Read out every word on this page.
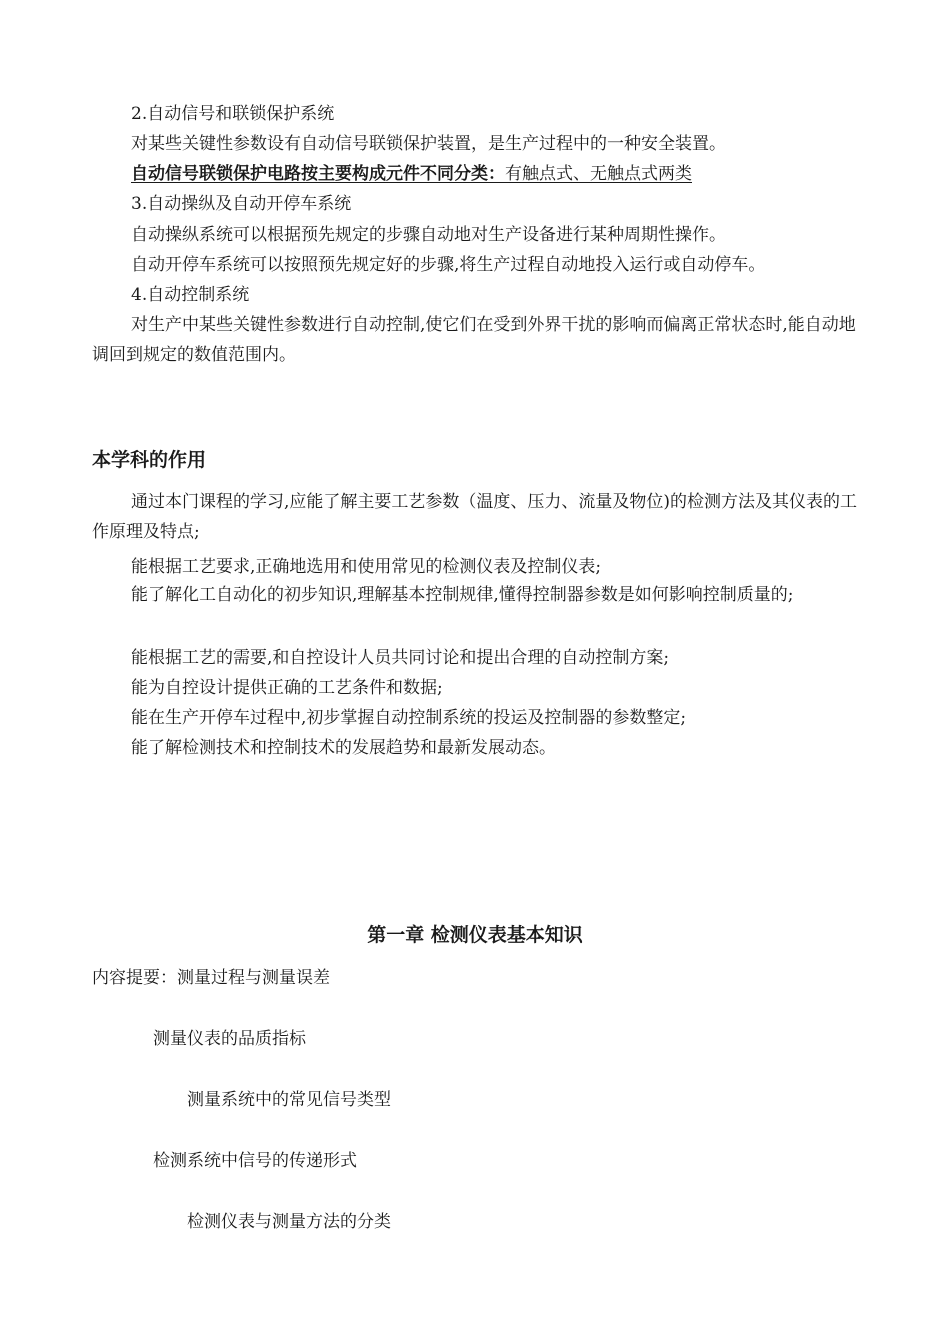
2.自动信号和联锁保护系统
对某些关键性参数设有自动信号联锁保护装置，是生产过程中的一种安全装置。
自动信号联锁保护电路按主要构成元件不同分类：有触点式、无触点式两类
3.自动操纵及自动开停车系统
自动操纵系统可以根据预先规定的步骤自动地对生产设备进行某种周期性操作。
自动开停车系统可以按照预先规定好的步骤,将生产过程自动地投入运行或自动停车。
4.自动控制系统
对生产中某些关键性参数进行自动控制,使它们在受到外界干扰的影响而偏离正常状态时,能自动地调回到规定的数值范围内。
本学科的作用
通过本门课程的学习,应能了解主要工艺参数（温度、压力、流量及物位)的检测方法及其仪表的工作原理及特点;
能根据工艺要求,正确地选用和使用常见的检测仪表及控制仪表;
能了解化工自动化的初步知识,理解基本控制规律,懂得控制器参数是如何影响控制质量的;
能根据工艺的需要,和自控设计人员共同讨论和提出合理的自动控制方案;
能为自控设计提供正确的工艺条件和数据;
能在生产开停车过程中,初步掌握自动控制系统的投运及控制器的参数整定;
能了解检测技术和控制技术的发展趋势和最新发展动态。
第一章 检测仪表基本知识
内容提要：测量过程与测量误差
测量仪表的品质指标
测量系统中的常见信号类型
检测系统中信号的传递形式
检测仪表与测量方法的分类
